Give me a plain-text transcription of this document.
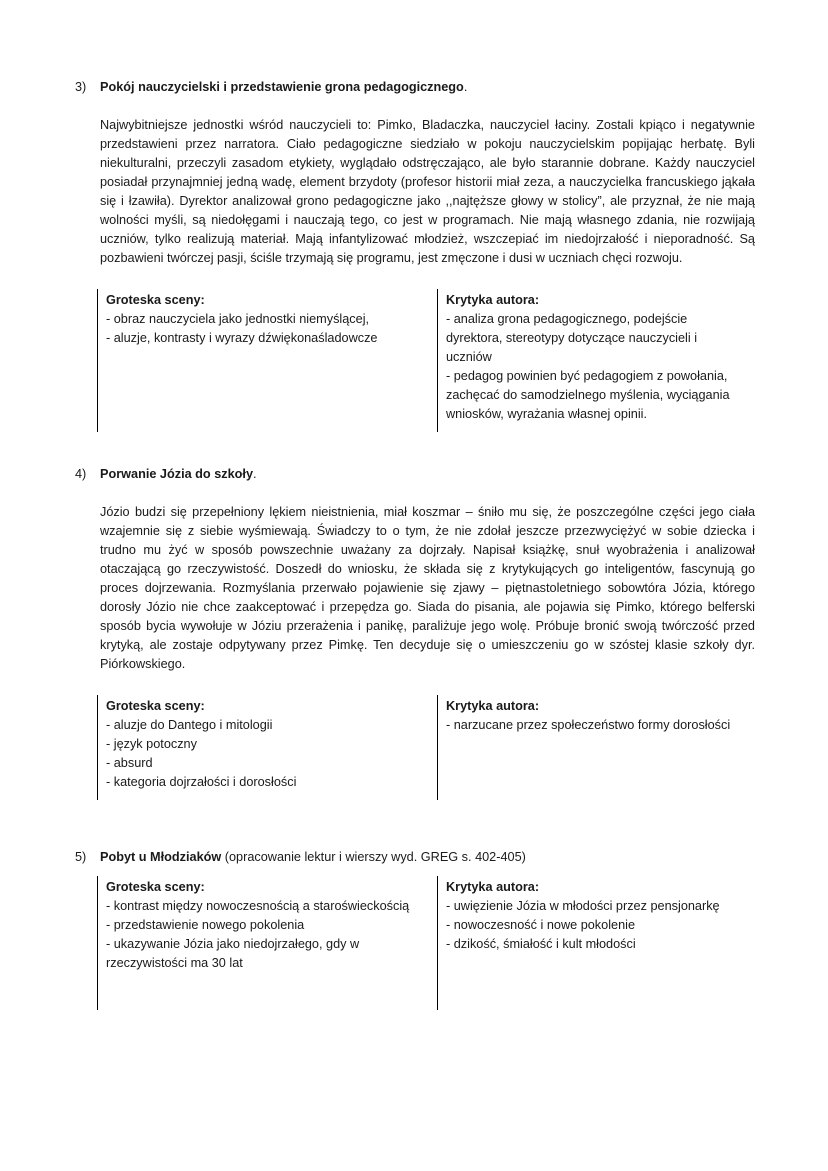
3)	Pokój nauczycielski i przedstawienie grona pedagogicznego.
Najwybitniejsze jednostki wśród nauczycieli to: Pimko, Bladaczka, nauczyciel łaciny. Zostali kpiąco i negatywnie przedstawieni przez narratora. Ciało pedagogiczne siedziało w pokoju nauczycielskim popijając herbatę. Byli niekulturalni, przeczyli zasadom etykiety, wyglądało odstręczająco, ale było starannie dobrane. Każdy nauczyciel posiadał przynajmniej jedną wadę, element brzydoty (profesor historii miał zeza, a nauczycielka francuskiego jąkała się i łzawiła). Dyrektor analizował grono pedagogiczne jako ,,najtęższe głowy w stolicy”, ale przyznał, że nie mają wolności myśli, są niedołęgami i nauczają tego, co jest w programach. Nie mają własnego zdania, nie rozwijają uczniów, tylko realizują materiał. Mają infantylizować młodzież, wszczepiać im niedojrzałość i nieporadność. Są pozbawieni twórczej pasji, ściśle trzymają się programu, jest zmęczone i dusi w uczniach chęci rozwoju.
Groteska sceny:
- obraz nauczyciela jako jednostki niemyślącej,
- aluzje, kontrasty i wyrazy dźwiękonaśladowcze
Krytyka autora:
- analiza grona pedagogicznego, podejście dyrektora, stereotypy dotyczące nauczycieli i uczniów
- pedagog powinien być pedagogiem z powołania, zachęcać do samodzielnego myślenia, wyciągania wniosków, wyrażania własnej opinii.
4)	Porwanie Józia do szkoły.
Józio budzi się przepełniony lękiem nieistnienia, miał koszmar – śniło mu się, że poszczególne części jego ciała wzajemnie się z siebie wyśmiewają. Świadczy to o tym, że nie zdołał jeszcze przezwyciężyć w sobie dziecka i trudno mu żyć w sposób powszechnie uważany za dojrzały. Napisał książkę, snuł wyobrażenia i analizował otaczającą go rzeczywistość. Doszedł do wniosku, że składa się z krytykujących go inteligentów, fascynują go proces dojrzewania. Rozmyślania przerwało pojawienie się zjawy – piętnastoletniego sobowtóra Józia, którego dorosły Józio nie chce zaakceptować i przepędza go. Siada do pisania, ale pojawia się Pimko, którego belferski sposób bycia wywołuje w Józiu przerażenia i panikę, paraliżuje jego wolę. Próbuje bronić swoją twórczość przed krytyką, ale zostaje odpytywany przez Pimkę. Ten decyduje się o umieszczeniu go w szóstej klasie szkoły dyr. Piórkowskiego.
Groteska sceny:
- aluzje do Dantego i mitologii
- język potoczny
- absurd
- kategoria dojrzałości i dorosłości
Krytyka autora:
- narzucane przez społeczeństwo formy dorosłości
5)	Pobyt u Młodziaków (opracowanie lektur i wierszy wyd. GREG s. 402-405)
Groteska sceny:
- kontrast między nowoczesnością a staroświeckością
- przedstawienie nowego pokolenia
- ukazywanie Józia jako niedojrzałego, gdy w rzeczywistości ma 30 lat
Krytyka autora:
- uwięzienie Józia w młodości przez pensjonarkę
- nowoczesność i nowe pokolenie
- dzikość, śmiałość i kult młodości
